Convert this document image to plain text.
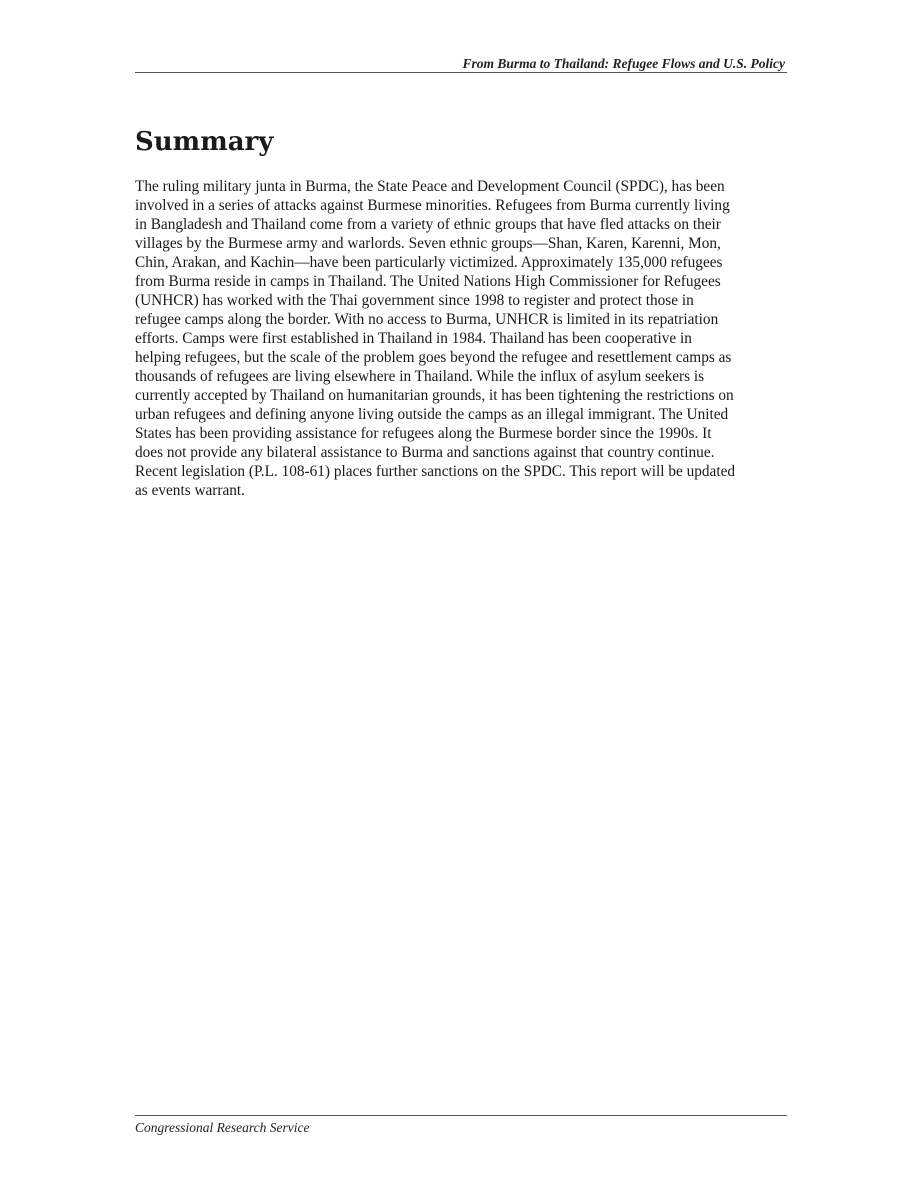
From Burma to Thailand: Refugee Flows and U.S. Policy
Summary

The ruling military junta in Burma, the State Peace and Development Council (SPDC), has been
involved in a series of attacks against Burmese minorities. Refugees from Burma currently living
in Bangladesh and Thailand come from a variety of ethnic groups that have fled attacks on their
villages by the Burmese army and warlords. Seven ethnic groups—Shan, Karen, Karenni, Mon,
Chin, Arakan, and Kachin—have been particularly victimized. Approximately 135,000 refugees
from Burma reside in camps in Thailand. The United Nations High Commissioner for Refugees
(UNHCR) has worked with the Thai government since 1998 to register and protect those in
refugee camps along the border. With no access to Burma, UNHCR is limited in its repatriation
efforts. Camps were first established in Thailand in 1984. Thailand has been cooperative in
helping refugees, but the scale of the problem goes beyond the refugee and resettlement camps as
thousands of refugees are living elsewhere in Thailand. While the influx of asylum seekers is
currently accepted by Thailand on humanitarian grounds, it has been tightening the restrictions on
urban refugees and defining anyone living outside the camps as an illegal immigrant. The United
States has been providing assistance for refugees along the Burmese border since the 1990s. It
does not provide any bilateral assistance to Burma and sanctions against that country continue.
Recent legislation (P.L. 108-61) places further sanctions on the SPDC. This report will be updated
as events warrant.

Congressional Research Service
